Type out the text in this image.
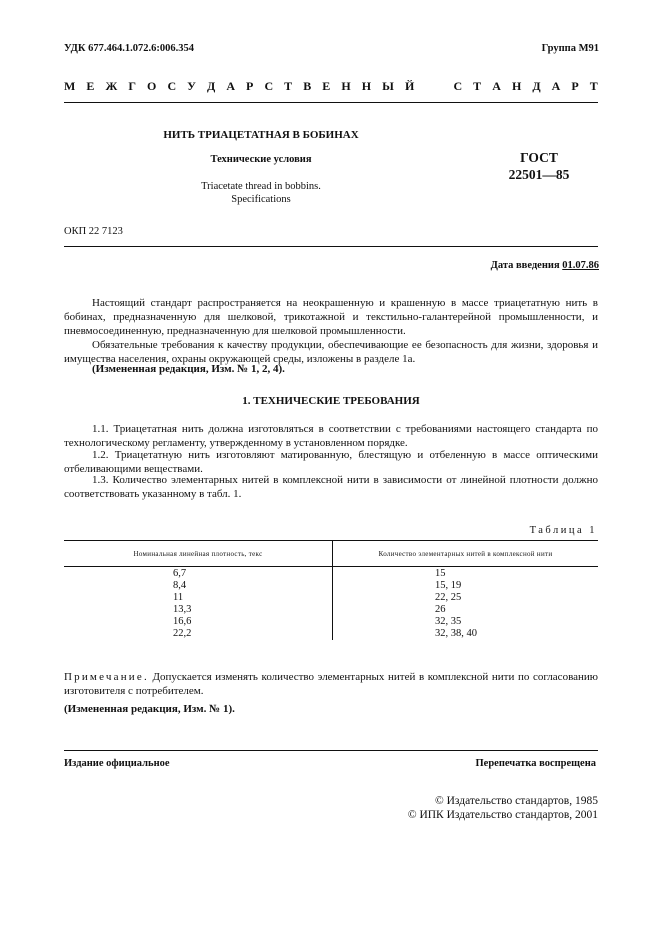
УДК 677.464.1.072.6:006.354	Группа М91
М Е Ж Г О С У Д А Р С Т В Е Н Н Ы Й

	С Т А Н Д А Р Т
НИТЬ ТРИАЦЕТАТНАЯ В БОБИНАХ
Технические условия
Triacetate thread in bobbins.
Specifications
ГОСТ
22501—85
ОКП 22 7123
Дата введения 01.07.86

Настоящий стандарт распространяется на неокрашенную и крашенную в массе триацетатную нить в бобинах, предназначенную для шелковой, трикотажной и текстильно-галантерейной промышленности, и пневмосоединенную, предназначенную для шелковой промышленности.

Обязательные требования к качеству продукции, обеспечивающие ее безопасность для жизни, здоровья и имущества населения, охраны окружающей среды, изложены в разделе 1а.

(Измененная редакция, Изм. № 1, 2, 4).

1. ТЕХНИЧЕСКИЕ ТРЕБОВАНИЯ

1.1. Триацетатная нить должна изготовляться в соответствии с требованиями настоящего стандарта по технологическому регламенту, утвержденному в установленном порядке.

1.2. Триацетатную нить изготовляют матированную, блестящую и отбеленную в массе оптическими отбеливающими веществами.

1.3. Количество элементарных нитей в комплексной нити в зависимости от линейной плотности должно соответствовать указанному в табл. 1.

Таблица 1
Номинальная линейная плотность, текс	Количество элементарных нитей в комплексной нити
6,7	15
8,4	15, 19
11	22, 25
13,3	26
16,6	32, 35
22,2	32, 38, 40
Примечание. Допускается изменять количество элементарных нитей в комплексной нити по согласованию изготовителя с потребителем.
(Измененная редакция, Изм. № 1).
Издание официальное	Перепечатка воспрещена
© Издательство стандартов, 1985
© ИПК Издательство стандартов, 2001
